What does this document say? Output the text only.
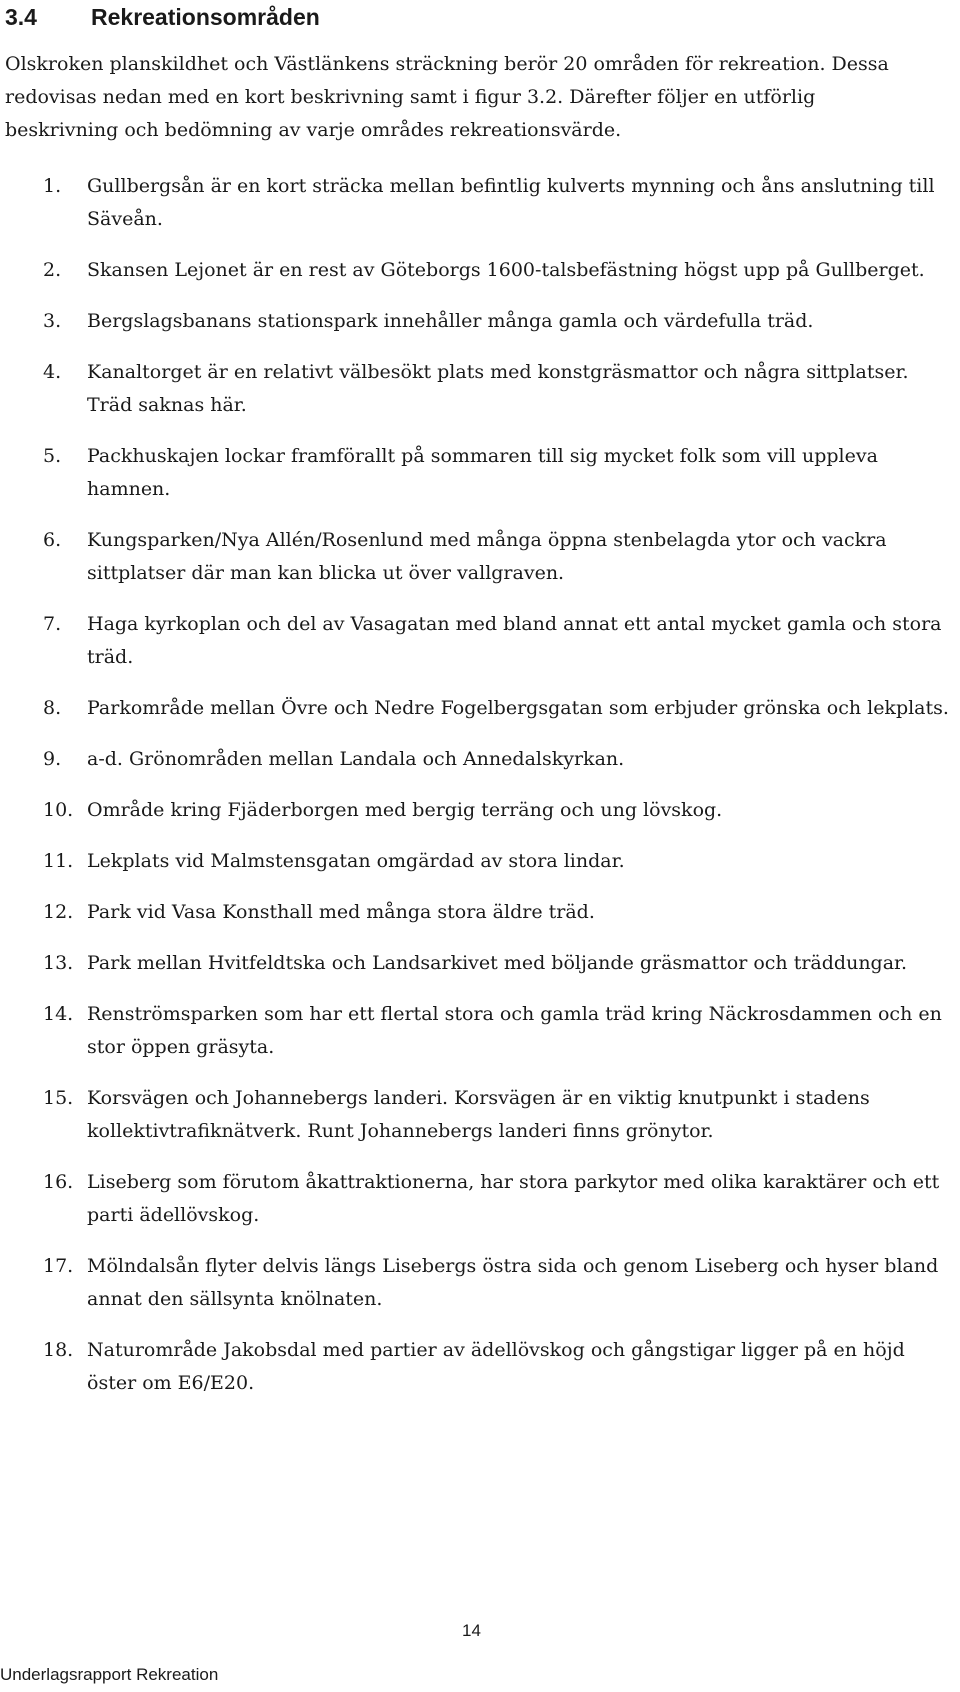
3.4 Rekreationsområden

Olskroken planskildhet och Västlänkens sträckning berör 20 områden för rekreation. Dessa redovisas nedan med en kort beskrivning samt i figur 3.2. Därefter följer en utförlig beskrivning och bedömning av varje områdes rekreationsvärde.

1. Gullbergsån är en kort sträcka mellan befintlig kulverts mynning och åns anslutning till Säveån.
2. Skansen Lejonet är en rest av Göteborgs 1600-talsbefästning högst upp på Gullberget.
3. Bergslagsbanans stationspark innehåller många gamla och värdefulla träd.
4. Kanaltorget är en relativt välbesökt plats med konstgräsmattor och några sittplatser. Träd saknas här.
5. Packhuskajen lockar framförallt på sommaren till sig mycket folk som vill uppleva hamnen.
6. Kungsparken/Nya Allén/Rosenlund med många öppna stenbelagda ytor och vackra sittplatser där man kan blicka ut över vallgraven.
7. Haga kyrkoplan och del av Vasagatan med bland annat ett antal mycket gamla och stora träd.
8. Parkområde mellan Övre och Nedre Fogelbergsgatan som erbjuder grönska och lekplats.
9. a-d. Grönområden mellan Landala och Annedalskyrkan.
10. Område kring Fjäderborgen med bergig terräng och ung lövskog.
11. Lekplats vid Malmstensgatan omgärdad av stora lindar.
12. Park vid Vasa Konsthall med många stora äldre träd.
13. Park mellan Hvitfeldtska och Landsarkivet med böljande gräsmattor och träddungar.
14. Renströmsparken som har ett flertal stora och gamla träd kring Näckrosdammen och en stor öppen gräsyta.
15. Korsvägen och Johannebergs landeri. Korsvägen är en viktig knutpunkt i stadens kollektivtrafiknätverk. Runt Johannebergs landeri finns grönytor.
16. Liseberg som förutom åkattraktionerna, har stora parkytor med olika karaktärer och ett parti ädellövskog.
17. Mölndalsån flyter delvis längs Lisebergs östra sida och genom Liseberg och hyser bland annat den sällsynta knölnaten.
18. Naturområde Jakobsdal med partier av ädellövskog och gångstigar ligger på en höjd öster om E6/E20.
14
Underlagsrapport Rekreation
